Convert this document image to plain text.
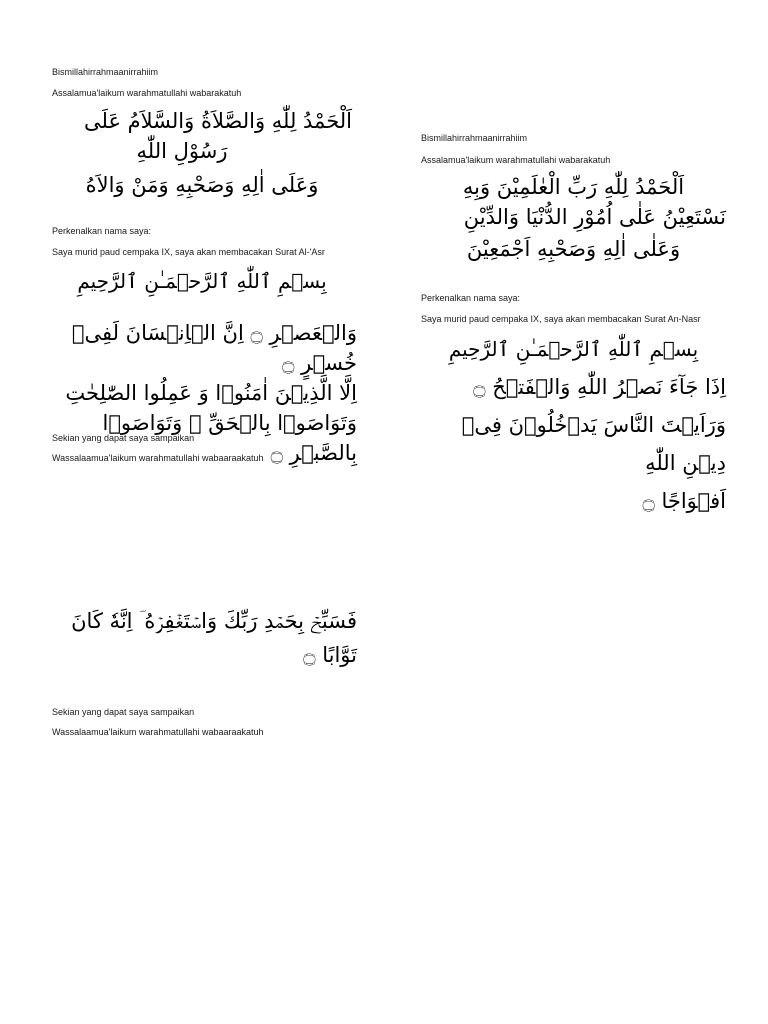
Bismillahirrahmaanirrahiim

Assalamua'laikum warahmatullahi wabarakatuh

اَلْحَمْدُ لِلّٰهِ وَالصَّلاَةُ وَالسَّلاَمُ عَلَى

رَسُوْلِ اللّٰهِ

وَعَلَى اٰلِهِ وَصَحْبِهِ وَمَنْ وَالاَهُ

Perkenalkan nama saya:

Saya murid paud cempaka IX, saya akan membacakan Surat Al-'Asr

بِسۡمِ ٱللّٰهِ ٱلرَّحۡمَـٰنِ ٱلرَّحِيمِ

وَالۡعَصۡرِ ۝ اِنَّ الۡاِنۡسَانَ لَفِىۡ خُسۡرٍ ۝

اِلَّا الَّذِيۡنَ اٰمَنُوۡا وَ عَمِلُوا الصّٰلِحٰتِ

وَتَوَاصَوۡا بِالۡحَقِّ ۙ وَتَوَاصَوۡا بِالصَّبۡرِ ۝

Sekian yang dapat saya sampaikan

Wassalaamua'laikum warahmatullahi wabaaraakatuh

Bismillahirrahmaanirrahiim

Assalamua'laikum warahmatullahi wabarakatuh

اَلْحَمْدُ لِلّٰهِ رَبِّ الْعٰلَمِيْنَ وَبِهِ

نَسْتَعِيْنُ عَلٰى اُمُوْرِ الدُّنْيَا وَالدِّيْنِ

وَعَلٰى اٰلِهِ وَصَحْبِهِ اَجْمَعِيْنَ

Perkenalkan nama saya:

Saya murid paud cempaka IX, saya akan membacakan Surat An-Nasr

بِسۡمِ ٱللّٰهِ ٱلرَّحۡمَـٰنِ ٱلرَّحِيمِ

اِذَا جَآءَ نَصۡرُ اللّٰهِ وَالۡفَتۡحُ ۝

وَرَاَيۡتَ النَّاسَ يَدۡخُلُوۡنَ فِىۡ دِيۡنِ اللّٰهِ

اَفۡوَاجًا ۝

فَسَبِّحۡ بِحَمۡدِ رَبِّكَ وَاسۡتَغۡفِرۡهُ ؔ اِنَّهٗ كَانَ

تَوَّابًا ۝

Sekian yang dapat saya sampaikan

Wassalaamua'laikum warahmatullahi wabaaraakatuh
